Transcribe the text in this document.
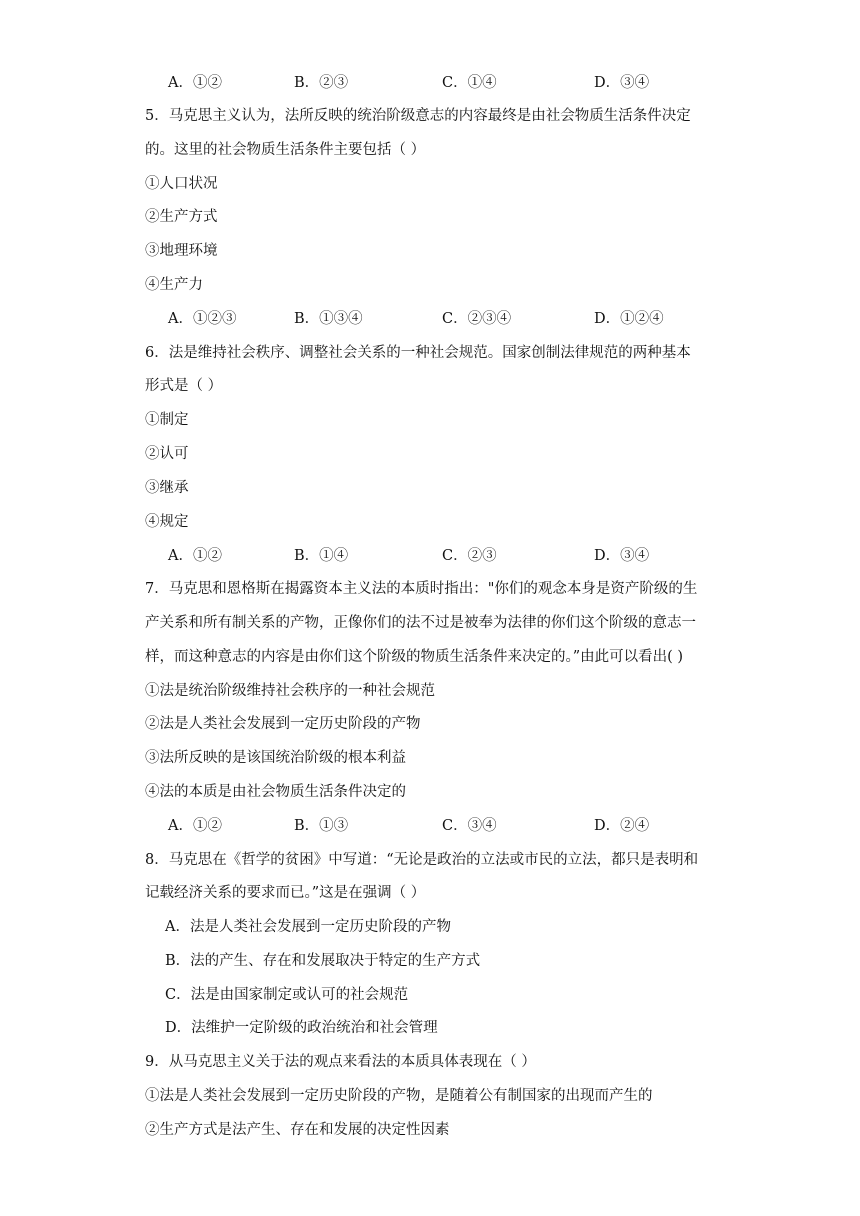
A．①②	B．②③	C．①④	D．③④
5．马克思主义认为，法所反映的统治阶级意志的内容最终是由社会物质生活条件决定
的。这里的社会物质生活条件主要包括（ ）
①人口状况
②生产方式
③地理环境
④生产力
A．①②③	B．①③④	C．②③④	D．①②④
6．法是维持社会秩序、调整社会关系的一种社会规范。国家创制法律规范的两种基本
形式是（ ）
①制定
②认可
③继承
④规定
A．①②	B．①④	C．②③	D．③④
7．马克思和恩格斯在揭露资本主义法的本质时指出："你们的观念本身是资产阶级的生
产关系和所有制关系的产物，正像你们的法不过是被奉为法律的你们这个阶级的意志一
样，而这种意志的内容是由你们这个阶级的物质生活条件来决定的。”由此可以看出( )
①法是统治阶级维持社会秩序的一种社会规范
②法是人类社会发展到一定历史阶段的产物
③法所反映的是该国统治阶级的根本利益
④法的本质是由社会物质生活条件决定的
A．①②	B．①③	C．③④	D．②④
8．马克思在《哲学的贫困》中写道：“无论是政治的立法或市民的立法，都只是表明和
记载经济关系的要求而已。”这是在强调（ ）
A．法是人类社会发展到一定历史阶段的产物
B．法的产生、存在和发展取决于特定的生产方式
C．法是由国家制定或认可的社会规范
D．法维护一定阶级的政治统治和社会管理
9．从马克思主义关于法的观点来看法的本质具体表现在（ ）
①法是人类社会发展到一定历史阶段的产物，是随着公有制国家的出现而产生的
②生产方式是法产生、存在和发展的决定性因素
